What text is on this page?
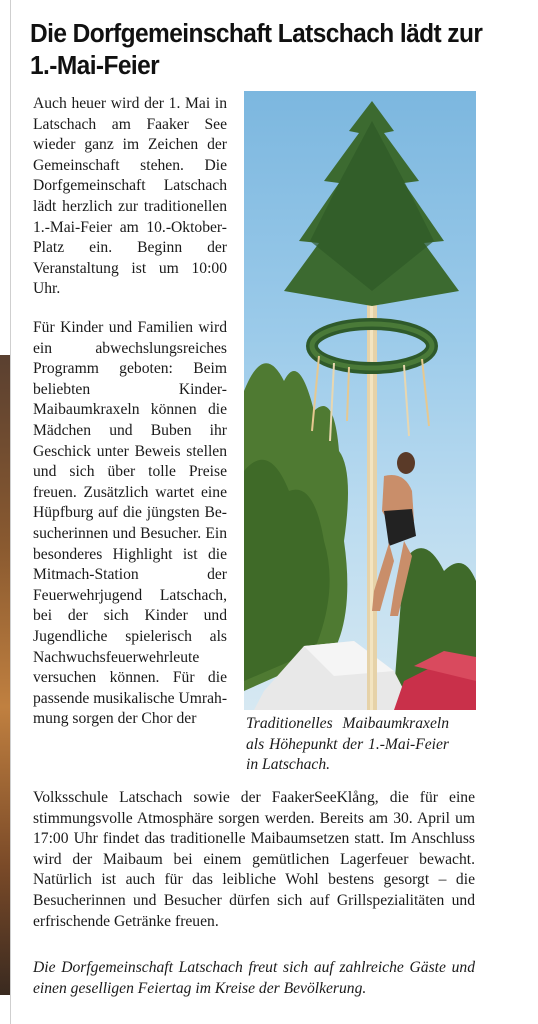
Die Dorfgemeinschaft Latschach lädt zur 1.-Mai-Feier

Auch heuer wird der 1. Mai in Latschach am Faaker See wieder ganz im Zeichen der Gemeinschaft stehen. Die Dorfgemeinschaft Latschach lädt herzlich zur traditionellen 1.-Mai-Feier am 10.-Oktober-Platz ein. Beginn der Veranstaltung ist um 10:00 Uhr.

Für Kinder und Familien wird ein abwechslungsreiches Programm geboten: Beim beliebten Kinder-Maibaumkraxeln können die Mädchen und Buben ihr Geschick unter Beweis stellen und sich über tolle Preise freuen. Zusätzlich wartet eine Hüpfburg auf die jüngsten Besucherinnen und Besucher. Ein besonderes Highlight ist die Mitmach-Station der Feuerwehrjugend Latschach, bei der sich Kinder und Jugendliche spielerisch als Nachwuchsfeuerwehrleute versuchen können. Für die passende musikalische Umrahmung sorgen der Chor der	Traditionelles Maibaumkraxeln als Höhepunkt der 1.-Mai-Feier in Latschach.

Volksschule Latschach sowie der FaakerSeeKlång, die für eine stimmungsvolle Atmosphäre sorgen werden. Bereits am 30. April um 17:00 Uhr findet das traditionelle Maibaumsetzen statt. Im Anschluss wird der Maibaum bei einem gemütlichen Lagerfeuer bewacht. Natürlich ist auch für das leibliche Wohl bestens gesorgt – die Besucherinnen und Besucher dürfen sich auf Grillspezialitäten und erfrischende Getränke freuen.

Die Dorfgemeinschaft Latschach freut sich auf zahlreiche Gäste und einen geselligen Feiertag im Kreise der Bevölkerung.
